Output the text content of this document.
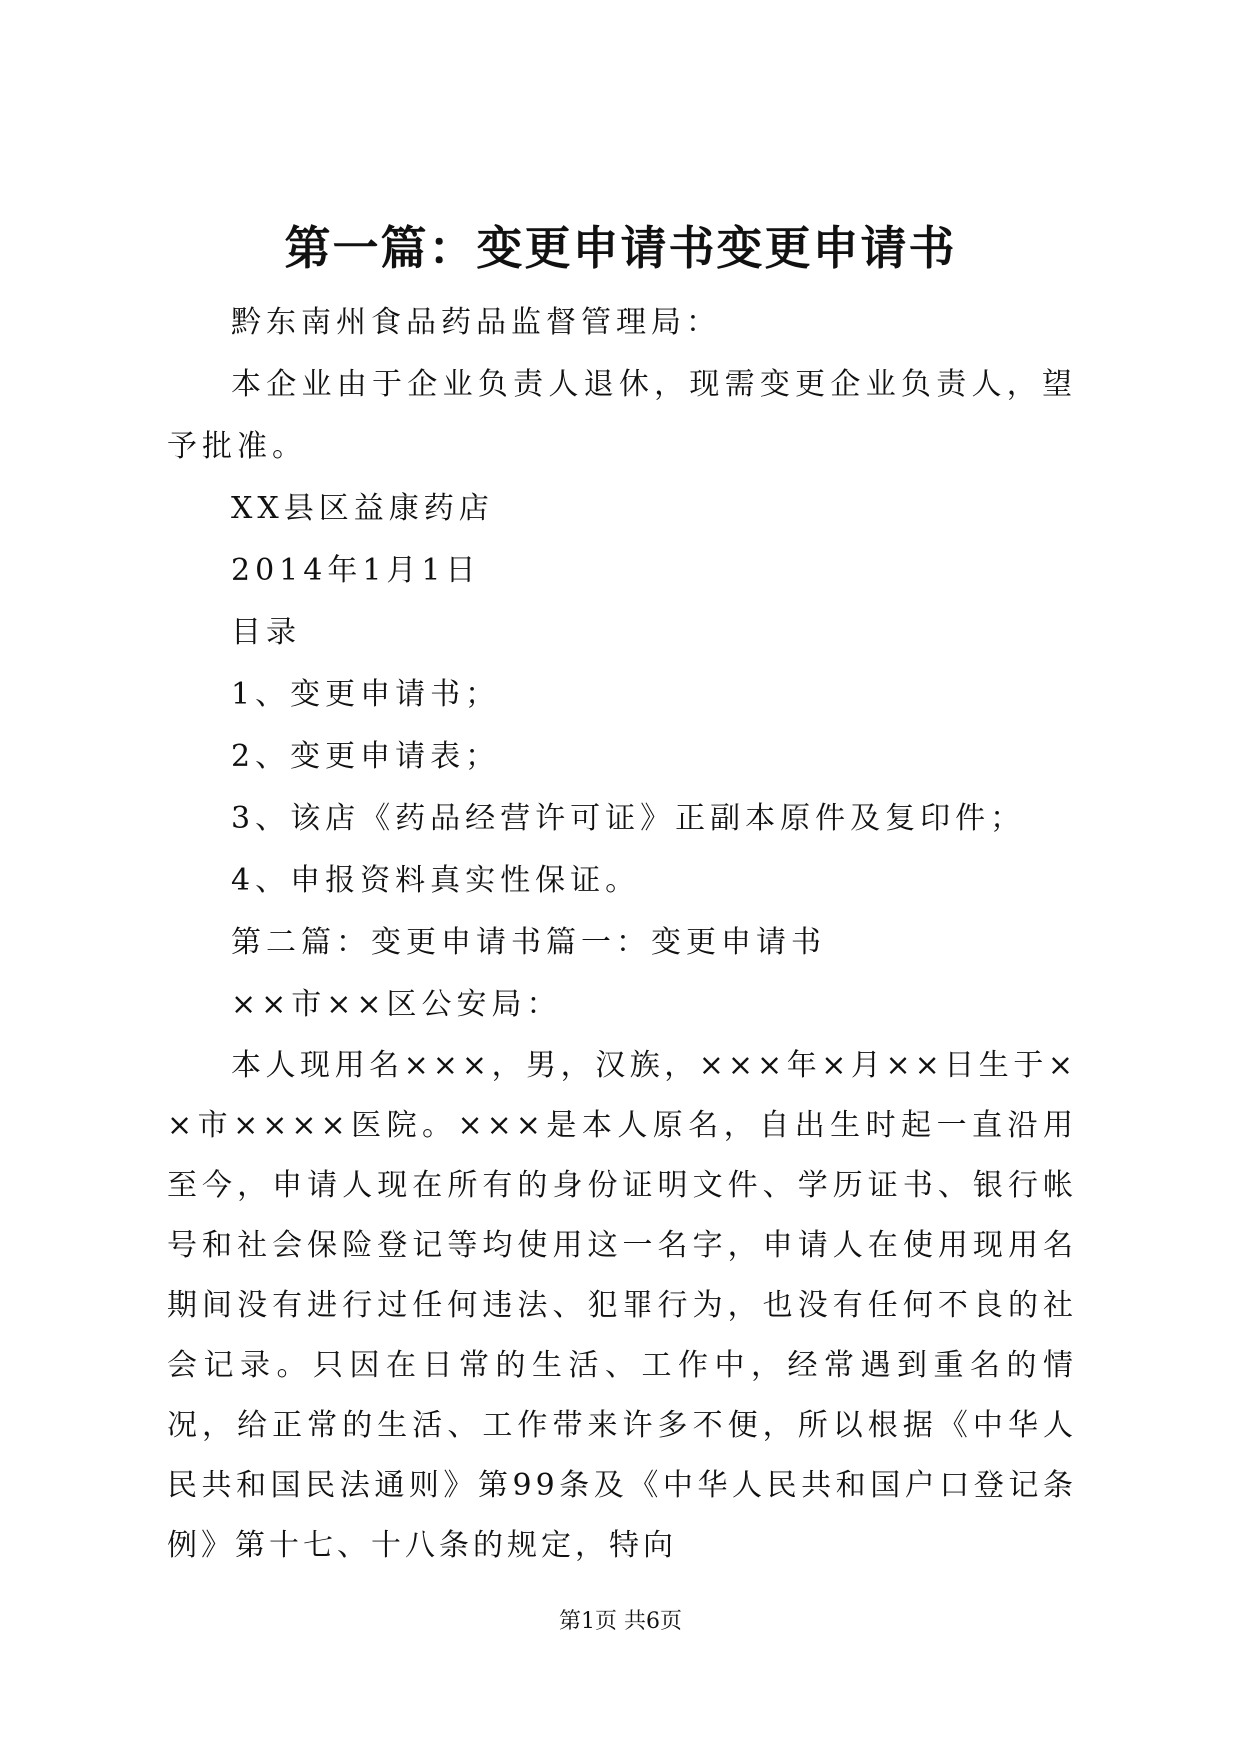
第一篇：变更申请书变更申请书

黔东南州食品药品监督管理局：

本企业由于企业负责人退休，现需变更企业负责人，望予批准。

XX县区益康药店

2014年1月1日

目录

1、变更申请书；

2、变更申请表；

3、该店《药品经营许可证》正副本原件及复印件；

4、申报资料真实性保证。

第二篇：变更申请书篇一：变更申请书

××市××区公安局：

本人现用名×××，男，汉族，×××年×月××日生于××市××××医院。×××是本人原名，自出生时起一直沿用至今，申请人现在所有的身份证明文件、学历证书、银行帐号和社会保险登记等均使用这一名字，申请人在使用现用名期间没有进行过任何违法、犯罪行为，也没有任何不良的社会记录。只因在日常的生活、工作中，经常遇到重名的情况，给正常的生活、工作带来许多不便，所以根据《中华人民共和国民法通则》第99条及《中华人民共和国户口登记条例》第十七、十八条的规定，特向

第1页 共6页
